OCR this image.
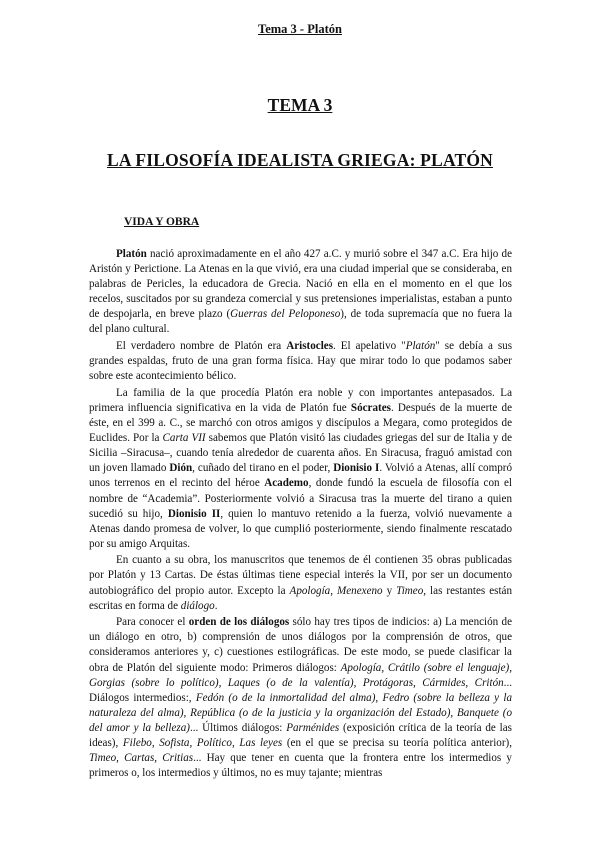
Tema 3 - Platón
TEMA 3
LA FILOSOFÍA IDEALISTA GRIEGA: PLATÓN
VIDA Y OBRA

Platón nació aproximadamente en el año 427 a.C. y murió sobre el 347 a.C. Era hijo de Aristón y Perictione. La Atenas en la que vivió, era una ciudad imperial que se consideraba, en palabras de Pericles, la educadora de Grecia. Nació en ella en el momento en el que los recelos, suscitados por su grandeza comercial y sus pretensiones imperialistas, estaban a punto de despojarla, en breve plazo (Guerras del Peloponeso), de toda supremacía que no fuera la del plano cultural.

El verdadero nombre de Platón era Aristocles. El apelativo "Platón" se debía a sus grandes espaldas, fruto de una gran forma física. Hay que mirar todo lo que podamos saber sobre este acontecimiento bélico.

La familia de la que procedía Platón era noble y con importantes antepasados. La primera influencia significativa en la vida de Platón fue Sócrates. Después de la muerte de éste, en el 399 a. C., se marchó con otros amigos y discípulos a Megara, como protegidos de Euclides. Por la Carta VII sabemos que Platón visitó las ciudades griegas del sur de Italia y de Sicilia –Siracusa–, cuando tenía alrededor de cuarenta años. En Siracusa, fraguó amistad con un joven llamado Dión, cuñado del tirano en el poder, Dionisio I. Volvió a Atenas, allí compró unos terrenos en el recinto del héroe Academo, donde fundó la escuela de filosofía con el nombre de “Academia”. Posteriormente volvió a Siracusa tras la muerte del tirano a quien sucedió su hijo, Dionisio II, quien lo mantuvo retenido a la fuerza, volvió nuevamente a Atenas dando promesa de volver, lo que cumplió posteriormente, siendo finalmente rescatado por su amigo Arquitas.

En cuanto a su obra, los manuscritos que tenemos de él contienen 35 obras publicadas por Platón y 13 Cartas. De éstas últimas tiene especial interés la VII, por ser un documento autobiográfico del propio autor. Excepto la Apología, Menexeno y Timeo, las restantes están escritas en forma de diálogo.

Para conocer el orden de los diálogos sólo hay tres tipos de indicios: a) La mención de un diálogo en otro, b) comprensión de unos diálogos por la comprensión de otros, que consideramos anteriores y, c) cuestiones estilográficas. De este modo, se puede clasificar la obra de Platón del siguiente modo: Primeros diálogos: Apología, Crátilo (sobre el lenguaje), Gorgias (sobre lo político), Laques (o de la valentía), Protágoras, Cármides, Critón... Diálogos intermedios:, Fedón (o de la inmortalidad del alma), Fedro (sobre la belleza y la naturaleza del alma), República (o de la justicia y la organización del Estado), Banquete (o del amor y la belleza)... Últimos diálogos: Parménides (exposición crítica de la teoría de las ideas), Filebo, Sofista, Político, Las leyes (en el que se precisa su teoría política anterior), Timeo, Cartas, Critias... Hay que tener en cuenta que la frontera entre los intermedios y primeros o, los intermedios y últimos, no es muy tajante; mientras
